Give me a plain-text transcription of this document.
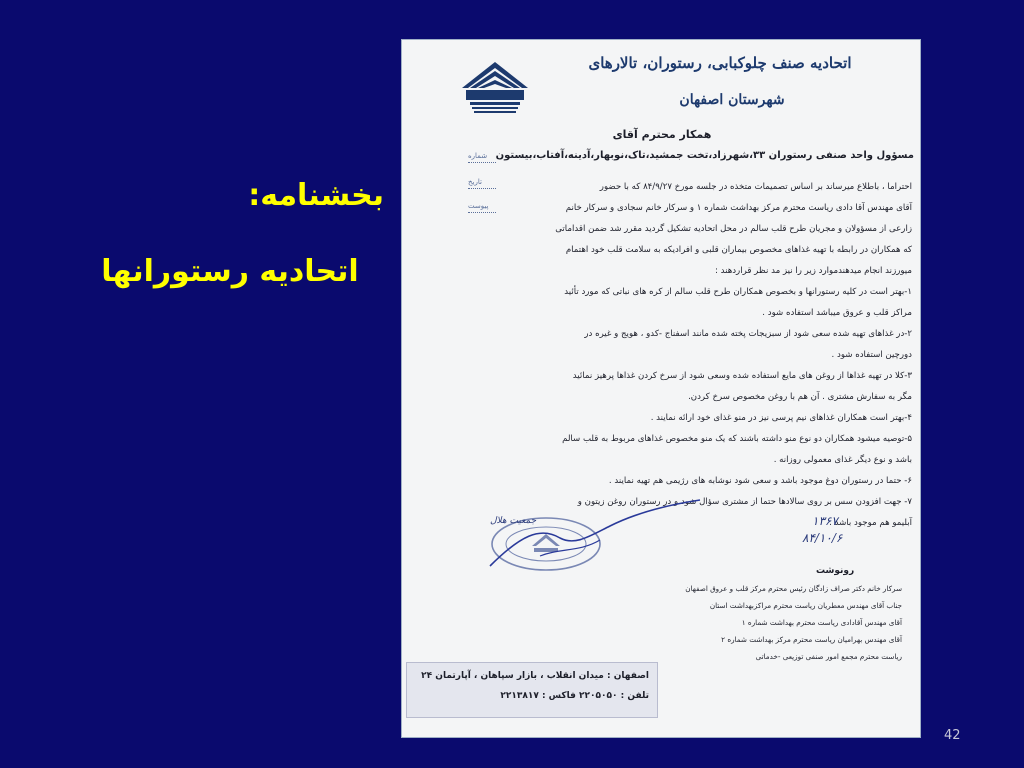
بخشنامه:
اتحادیه رستورانها
اتحادیه صنف چلوکبابی، رستوران، تالارهای
شهرستان اصفهان
شماره
تاریخ
پیوست
همکار محترم آقای
مسؤول واحد صنفی رستوران ۳۳،شهرزاد،تخت جمشید،تاک،نوبهار،آدینه،آفتاب،بیستون
احتراما ، باطلاع میرساند بر اساس تصمیمات متخذه در جلسه مورخ ۸۴/۹/۲۷ که با حضور
آقای مهندس آقا دادی ریاست محترم مرکز بهداشت شماره ۱ و سرکار خانم سجادی و سرکار خانم
زارعی از مسؤولان و مجریان طرح قلب سالم در محل اتحادیه تشکیل گردید مقرر شد ضمن اقداماتی
که همکاران در رابطه با تهیه غذاهای مخصوص بیماران قلبی و افرادیکه به سلامت قلب خود اهتمام
میورزند انجام میدهندموارد زیر را نیز مد نظر قراردهند :
۱-بهتر است در کلیه رستورانها و بخصوص همکاران طرح قلب سالم از کره های نباتی که مورد تأئید
مراکز قلب و عروق میباشد استفاده شود .
۲-در غذاهای تهیه شده سعی شود از سبزیجات پخته شده مانند اسفناج -کدو ، هویج و غیره در
دورچین استفاده شود .
۳-کلا در تهیه غذاها از روغن های مایع استفاده شده وسعی شود از سرخ کردن غذاها پرهیز نمائید
مگر به سفارش مشتری . آن هم با روغن مخصوص سرخ کردن.
۴-بهتر است همکاران غذاهای نیم پرسی نیز در منو غذای خود ارائه نمایند .
۵-توصیه میشود همکاران دو نوع منو داشته باشند که یک منو مخصوص غذاهای مربوط به قلب سالم
باشد و نوع دیگر غذای معمولی روزانه .
۶- حتما در رستوران دوغ موجود باشد و سعی شود نوشابه های رژیمی هم تهیه نمایند .
۷- جهت افزودن سس بر روی سالادها حتما از مشتری سؤال شود و در رستوران روغن زیتون و
آبلیمو هم موجود باشد .
۱۳۶۷
۸۴/۱۰/۶
جمعیت هلال
رونوشت
سرکار خانم دکتر صراف زادگان رئیس محترم مرکز قلب و عروق اصفهان
جناب آقای مهندس معطریان ریاست محترم مراکزبهداشت استان
آقای مهندس آقادادی ریاست محترم بهداشت شماره ۱
آقای مهندس بهرامیان ریاست محترم مرکز بهداشت شماره ۲
ریاست محترم مجمع امور صنفی توزیعی -خدماتی
اصفهان : میدان انقلاب ، بازار سپاهان ، آپارتمان ۲۴
تلفن : ۲۲۰۵۰۵۰ فاکس : ۲۲۱۳۸۱۷
42
